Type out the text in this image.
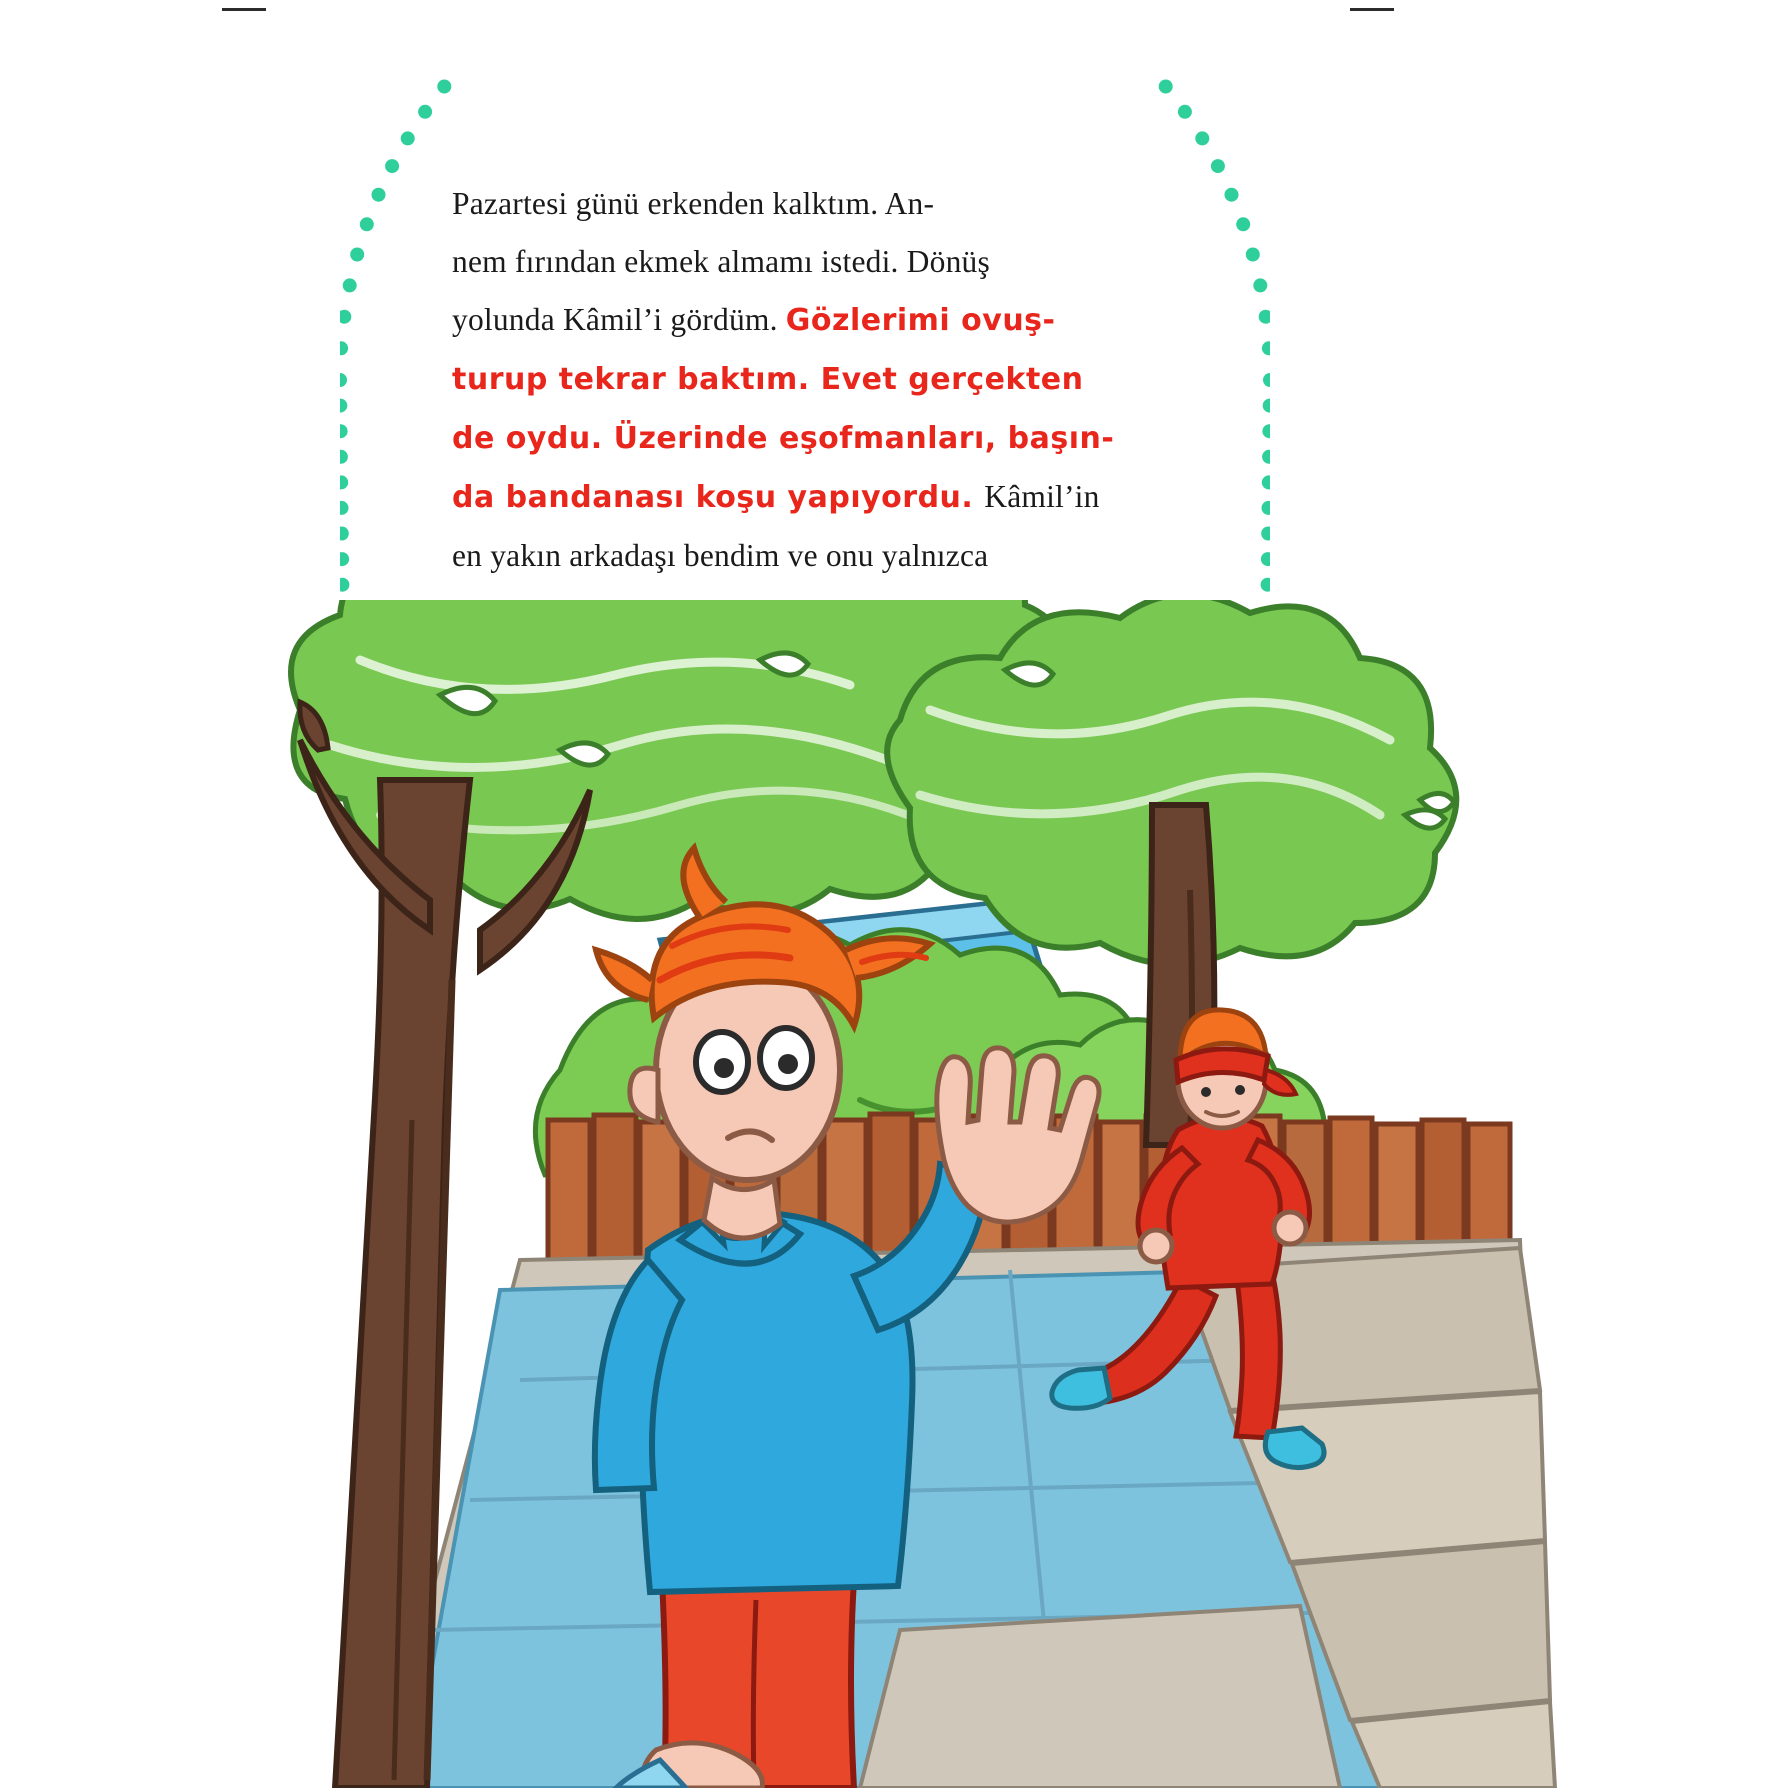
Pazartesi günü erkenden kalktım. An-
nem fırından ekmek almamı istedi. Dönüş
yolunda Kâmil’i gördüm. Gözlerimi ovuş-
turup tekrar baktım. Evet gerçekten
de oydu. Üzerinde eşofmanları, başın-
da bandanası koşu yapıyordu. Kâmil’in
en yakın arkadaşı bendim ve onu yalnızca
